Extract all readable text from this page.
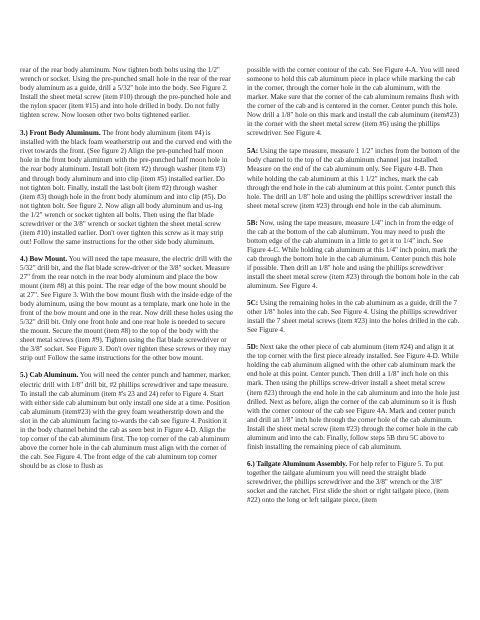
rear of the rear body aluminum. Now tighten both bolts using the 1/2" wrench or socket. Using the pre-punched small hole in the rear of the rear body aluminum as a guide, drill a 5/32" hole into the body. See Figure 2. Install the sheet metal screw (item #10) through the pre-punched hole and the nylon spacer (item #15) and into hole drilled in body. Do not fully tighten screw. Now loosen other two bolts tightened earlier.

3.) Front Body Aluminum. The front body aluminum (item #4) is installed with the black foam weatherstrip out and the curved end with the rivet towards the front. (See figure 2) Align the pre-punched half moon hole in the front body aluminum with the pre-punched half moon hole in the rear body aluminum. Install bolt (item #2) through washer (item #3) and through body aluminum and into clip (item #5) installed earlier. Do not tighten bolt. Finally, install the last bolt (item #2) through washer (item #3) though hole in the front body aluminum and into clip (#5). Do not tighten bolt. See figure 2. Now align all body aluminum and us-ing the 1/2" wrench or socket tighten all bolts. Then using the flat blade screwdriver or the 3/8" wrench or socket tighten the sheet metal screw (item #10) installed earlier. Don't over tighten this screw as it may strip out! Follow the same instructions for the other side body aluminum.

4.) Bow Mount. You will need the tape measure, the electric drill with the 5/32" drill bit, and the flat blade screw-driver or the 3/8" socket. Measure 27" from the rear notch in the rear body aluminum and place the bow mount (item #8) at this point. The rear edge of the bow mount should be at 27". See Figure 3. With the bow mount flush with the inside edge of the body aluminum, using the bow mount as a template, mark one hole in the front of the bow mount and one in the rear. Now drill these holes using the 5/32" drill bit. Only one front hole and one rear hole is needed to secure the mount. Secure the mount (item #8) to the top of the body with the sheet metal screws (item #9). Tighten using the flat blade screwdriver or the 3/8" socket. See Figure 3. Don't over tighten these screws or they may strip out! Follow the same instructions for the other bow mount.

5.) Cab Aluminum. You will need the center punch and hammer, marker, electric drill with 1/8" drill bit, #2 phillips screwdriver and tape measure. To install the cab aluminum (item #'s 23 and 24) refer to Figure 4. Start with either side cab aluminum but only install one side at a time. Position cab aluminum (item#23) with the grey foam weatherstrip down and the slot in the cab aluminum facing to-wards the cab see figure 4. Position it in the body channel behind the cab as seen best in Figure 4-D. Align the top corner of the cab aluminum first. The top corner of the cab aluminum above the corner hole in the cab aluminum must align with the corner of the cab. See Figure 4. The front edge of the cab aluminum top corner should be as close to flush as

possible with the corner contour of the cab. See Figure 4-A. You will need someone to hold this cab aluminum piece in place while marking the cab in the corner, through the corner hole in the cab aluminum, with the marker. Make sure that the corner of the cab aluminum remains flush with the corner of the cab and is centered in the corner. Center punch this hole. Now drill a 1/8" hole on this mark and install the cab aluminum (item#23) in the corner with the sheet metal screw (item #6) using the phillips screwdriver. See Figure 4.

5A: Using the tape measure, measure 1 1/2" inches from the bottom of the body channel to the top of the cab aluminum channel just installed. Measure on the end of the cab aluminum only. See Figure 4-B. Then while holding the cab aluminum at this 1 1/2" inches, mark the cab through the end hole in the cab aluminum at this point. Center punch this hole. The drill an 1/8" hole and using the phillips screwdriver install the sheet metal screw (item #23) through end hole in the cab aluminum.

5B: Now, using the tape measure, measure 1/4" inch in from the edge of the cab at the bottom of the cab aluminum. You may need to push the bottom edge of the cab aluminum in a little to get it to 1/4" inch. See Figure 4-C. While holding cab aluminum at this 1/4" inch point, mark the cab through the bottom hole in the cab aluminum. Center punch this hole if possible. Then drill an 1/8" hole and using the phillips screwdriver install the sheet metal screw (item #23) through the bottom hole in the cab aluminum. See Figure 4.

5C: Using the remaining holes in the cab aluminum as a guide, drill the 7 other 1/8" holes into the cab. See Figure 4. Using the phillips screwdriver install the 7 sheet metal screws (item #23) into the holes drilled in the cab. See Figure 4.

5D: Next take the other piece of cab aluminum (item #24) and align it at the top corner with the first piece already installed. See Figure 4-D. While holding the cab aluminum aligned with the other cab aluminum mark the end hole at this point. Center punch. Then drill a 1/8" inch hole on this mark. Then using the phillips screw-driver install a sheet metal screw (item #23) through the end hole in the cab aluminum and into the hole just drilled. Next as before, align the corner of the cab aluminum so it is flush with the corner contour of the cab see Figure 4A. Mark and center punch and drill an 1/8" inch hole through the corner hole of the cab aluminum. Install the sheet metal screw (item #23) through the corner hole in the cab aluminum and into the cab. Finally, follow steps 5B thru 5C above to finish installing the remaining piece of cab aluminum.

6.) Tailgate Aluminum Assembly. For help refer to Figure 5. To put together the tailgate aluminum you will need the straight blade screwdriver, the phillips screwdriver and the 3/8" wrench or the 3/8" socket and the ratchet. First slide the short or right tailgate piece, (item #22) onto the long or left tailgate piece, (item
